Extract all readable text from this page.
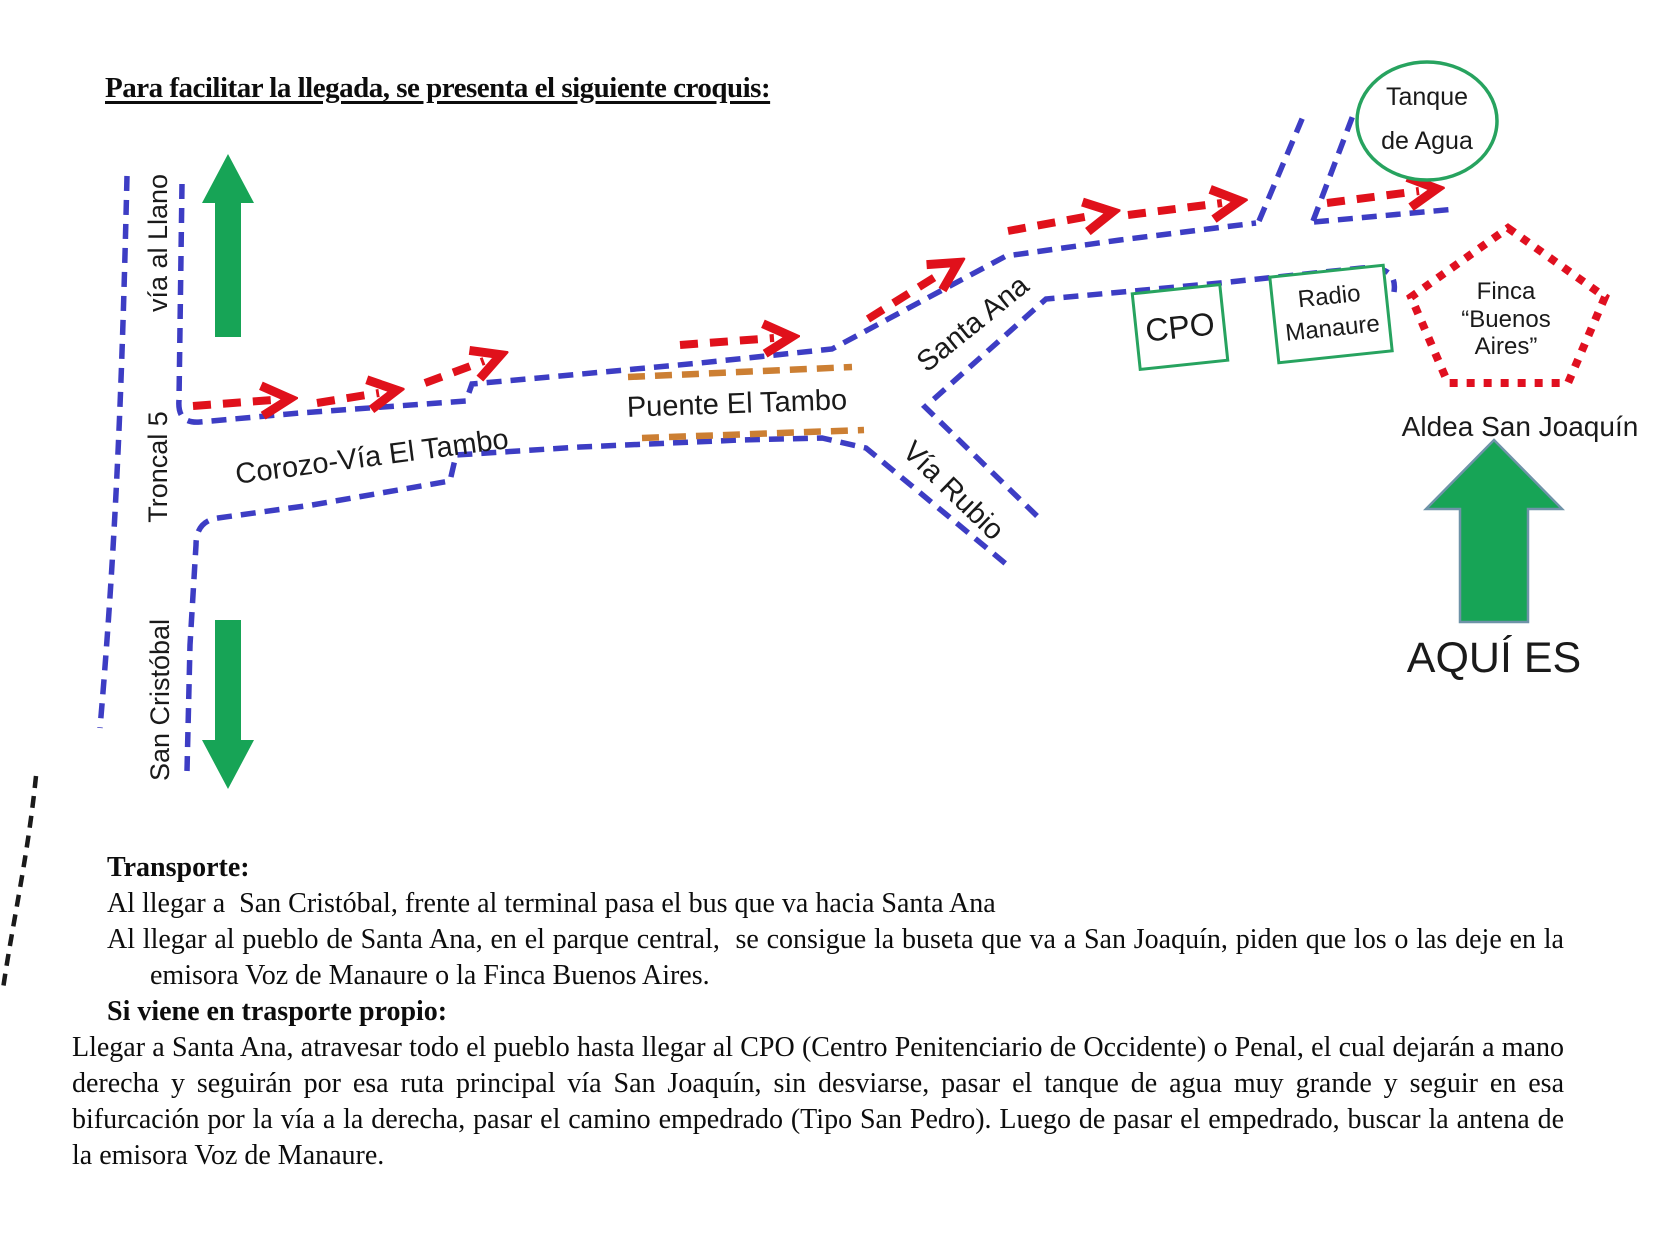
Para facilitar la llegada, se presenta el siguiente croquis:	Tanque
de Agua
CPO
Radio
Manaure
Finca
“Buenos
Aires”
vía al Llano
Troncal 5
San Cristóbal
Corozo-Vía El Tambo
Puente El Tambo
Santa Ana
Vía Rubio
Aldea San Joaquín
AQUÍ ES

Transporte:

Al llegar a  San Cristóbal, frente al terminal pasa el bus que va hacia Santa Ana

Al llegar al pueblo de Santa Ana, en el parque central,  se consigue la buseta que va a San Joaquín, piden que los o las deje en la emisora Voz de Manaure o la Finca Buenos Aires.

Si viene en trasporte propio:

Llegar a Santa Ana, atravesar todo el pueblo hasta llegar al CPO (Centro Penitenciario de Occidente) o Penal, el cual dejarán a mano derecha y seguirán por esa ruta principal vía San Joaquín, sin desviarse, pasar el tanque de agua muy grande y seguir en esa bifurcación por la vía a la derecha, pasar el camino empedrado (Tipo San Pedro). Luego de pasar el empedrado, buscar la antena de la emisora Voz de Manaure.
